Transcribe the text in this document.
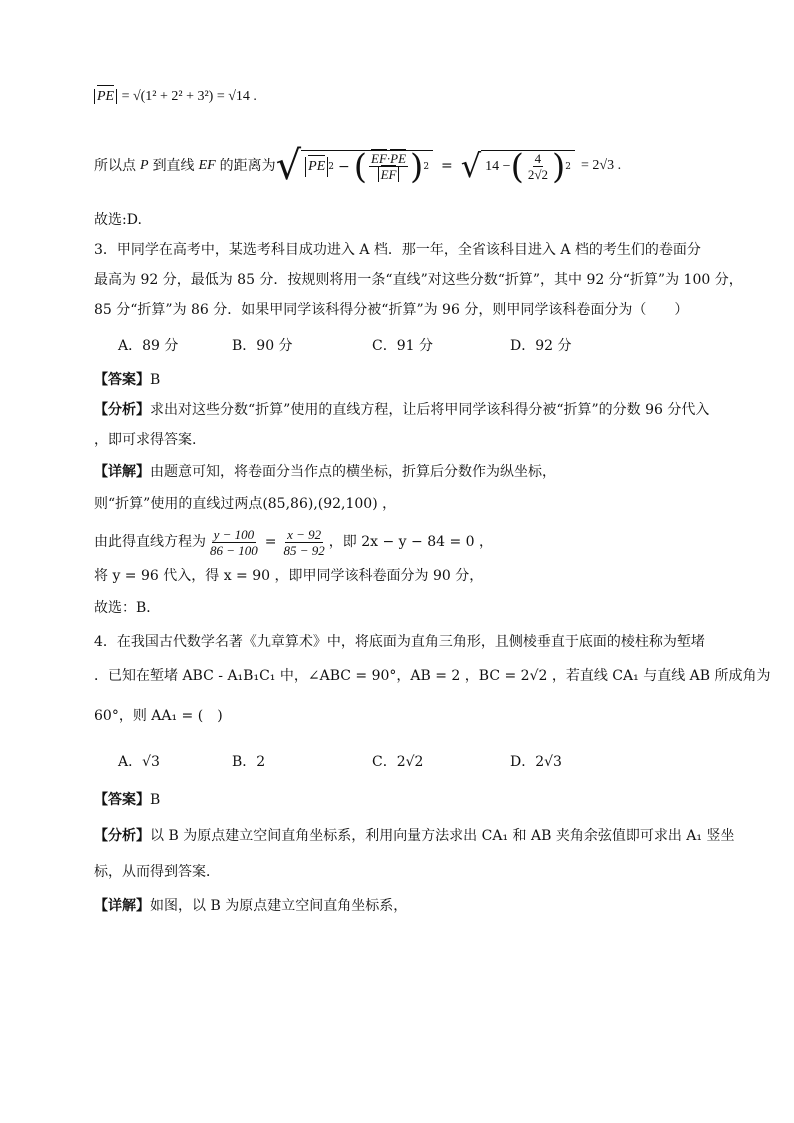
PE = √(1² + 2² + 3²) = √14 .
所以点 P 到直线 EF 的距离为 √ PE 2 − ( $\frac{EF\cdot PE}{EF}$ ) 2 = √ 14 − ( $\frac{4}{2√2}$ ) 2 = 2√3 .
故选:D.
3．甲同学在高考中，某选考科目成功进入 A 档．那一年，全省该科目进入 A 档的考生们的卷面分
最高为 92 分，最低为 85 分．按规则将用一条“直线”对这些分数“折算”，其中 92 分“折算”为 100 分，
85 分“折算”为 86 分．如果甲同学该科得分被“折算”为 96 分，则甲同学该科卷面分为（　　）
A．89 分	B．90 分	C．91 分	D．92 分
【答案】B
【分析】求出对这些分数“折算”使用的直线方程，让后将甲同学该科得分被“折算”的分数 96 分代入
，即可求得答案.
【详解】由题意可知，将卷面分当作点的横坐标，折算后分数作为纵坐标，
则“折算”使用的直线过两点(85,86),(92,100) ，
由此得直线方程为 $\frac{y - 100}{86 - 100} = \frac{x - 92}{85 - 92}$ ，即 2x − y − 84 = 0 ，
将 y = 96 代入，得 x = 90 ，即甲同学该科卷面分为 90 分，
故选：B．
4．在我国古代数学名著《九章算术》中，将底面为直角三角形，且侧棱垂直于底面的棱柱称为堑堵
．已知在堑堵 ABC - A₁B₁C₁ 中，∠ABC = 90°，AB = 2 ，BC = 2√2 ，若直线 CA₁ 与直线 AB 所成角为
60°，则 AA₁ = (　)
A．√3	B．2	C．2√2	D．2√3
【答案】B
【分析】以 B 为原点建立空间直角坐标系，利用向量方法求出 CA₁ 和 AB 夹角余弦值即可求出 A₁ 竖坐
标，从而得到答案．
【详解】如图，以 B 为原点建立空间直角坐标系，
